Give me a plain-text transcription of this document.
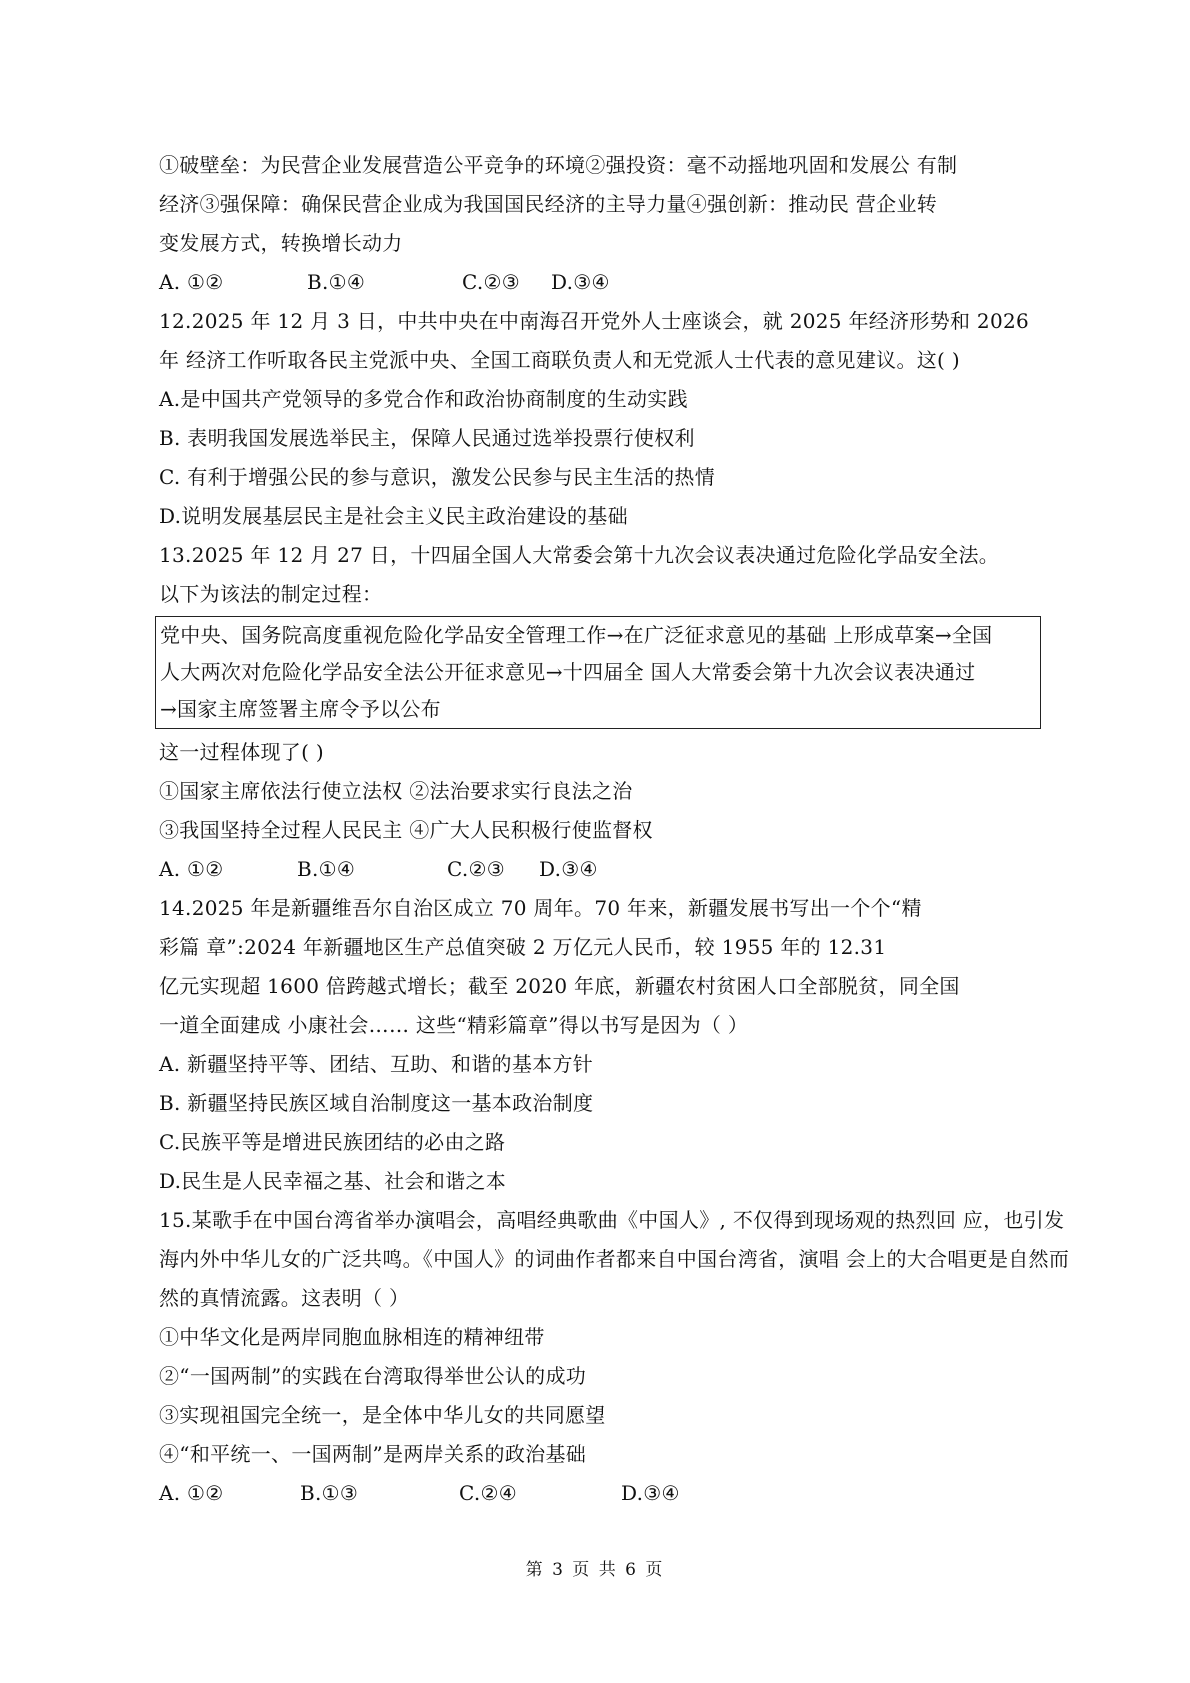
①破壁垒：为民营企业发展营造公平竞争的环境②强投资：毫不动摇地巩固和发展公 有制
经济③强保障：确保民营企业成为我国国民经济的主导力量④强创新：推动民 营企业转
变发展方式，转换增长动力
A. ①②	B.①④	C.②③ D.③④
12.2025 年 12 月 3 日，中共中央在中南海召开党外人士座谈会，就 2025 年经济形势和 2026
年 经济工作听取各民主党派中央、全国工商联负责人和无党派人士代表的意见建议。这( )
A.是中国共产党领导的多党合作和政治协商制度的生动实践
B. 表明我国发展选举民主，保障人民通过选举投票行使权利
C. 有利于增强公民的参与意识，激发公民参与民主生活的热情
D.说明发展基层民主是社会主义民主政治建设的基础
13.2025 年 12 月 27 日，十四届全国人大常委会第十九次会议表决通过危险化学品安全法。
以下为该法的制定过程：
党中央、国务院高度重视危险化学品安全管理工作→在广泛征求意见的基础 上形成草案→全国
人大两次对危险化学品安全法公开征求意见→十四届全 国人大常委会第十九次会议表决通过
→国家主席签署主席令予以公布
这一过程体现了( )
①国家主席依法行使立法权 ②法治要求实行良法之治
③我国坚持全过程人民民主 ④广大人民积极行使监督权
A. ①②	B.①④	C.②③ D.③④
14.2025 年是新疆维吾尔自治区成立 70 周年。70 年来，新疆发展书写出一个个“精
彩篇 章”:2024 年新疆地区生产总值突破 2 万亿元人民币，较 1955 年的 12.31
亿元实现超 1600 倍跨越式增长；截至 2020 年底，新疆农村贫困人口全部脱贫，同全国
一道全面建成 小康社会…… 这些“精彩篇章”得以书写是因为（ ）
A. 新疆坚持平等、团结、互助、和谐的基本方针
B. 新疆坚持民族区域自治制度这一基本政治制度
C.民族平等是增进民族团结的必由之路
D.民生是人民幸福之基、社会和谐之本
15.某歌手在中国台湾省举办演唱会，高唱经典歌曲《中国人》, 不仅得到现场观的热烈回 应，也引发
海内外中华儿女的广泛共鸣。《中国人》的词曲作者都来自中国台湾省，演唱 会上的大合唱更是自然而
然的真情流露。这表明（ ）
①中华文化是两岸同胞血脉相连的精神纽带
②“一国两制”的实践在台湾取得举世公认的成功
③实现祖国完全统一，是全体中华儿女的共同愿望
④“和平统一、一国两制”是两岸关系的政治基础
A. ①②	B.①③	C.②④	D.③④
第 3 页 共 6 页
